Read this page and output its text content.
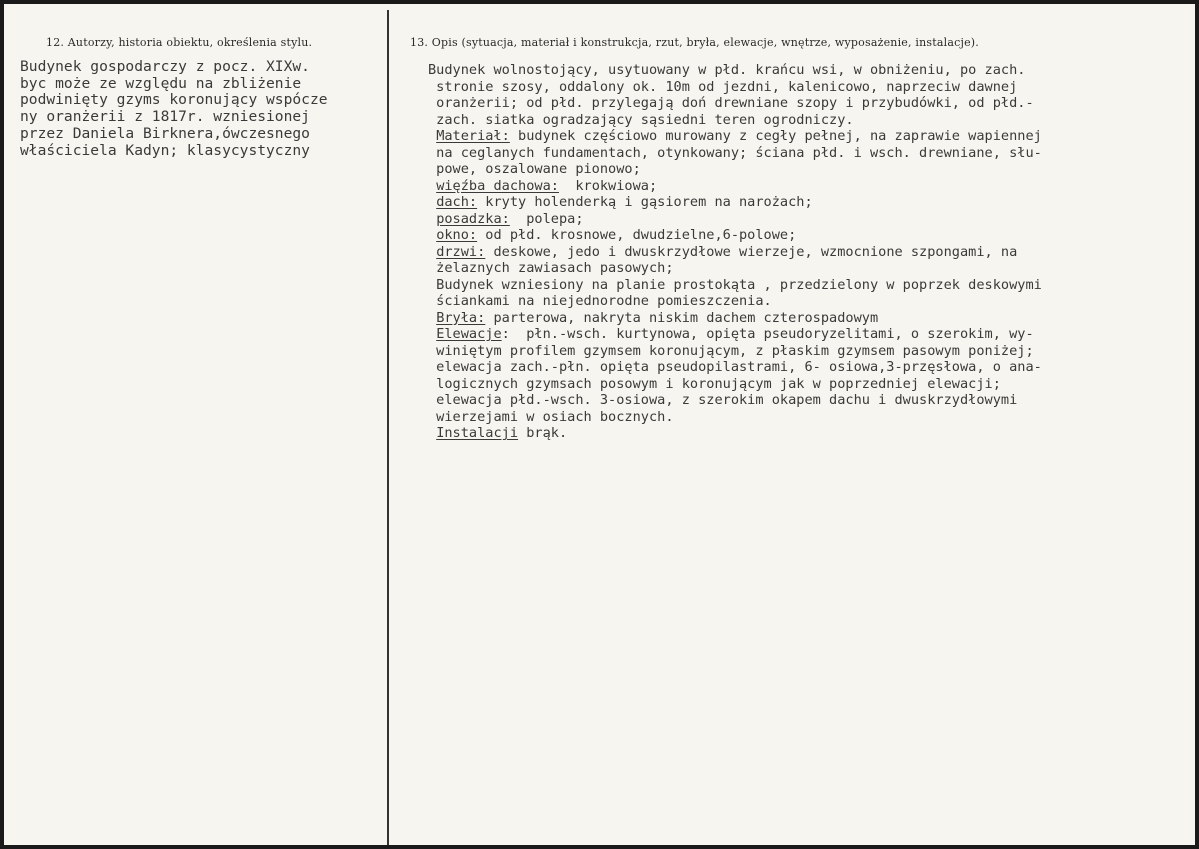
12. Autorzy, historia obiektu, określenia stylu.	13. Opis (sytuacja, materiał i konstrukcja, rzut, bryła, elewacje, wnętrze, wyposażenie, instalacje).
Budynek gospodarczy z pocz. XIXw.
byc może ze względu na zbliżenie
podwinięty gzyms koronujący wspócze
ny oranżerii z 1817r. wzniesionej
przez Daniela Birknera,ówczesnego
właściciela Kadyn; klasycystyczny
Budynek wolnostojący, usytuowany w płd. krańcu wsi, w obniżeniu, po zach.
stronie szosy, oddalony ok. 10m od jezdni, kalenicowo, naprzeciw dawnej
oranżerii; od płd. przylegają doń drewniane szopy i przybudówki, od płd.-
zach. siatka ogradzający sąsiedni teren ogrodniczy.
Materiał: budynek częściowo murowany z cegły pełnej, na zaprawie wapiennej
na ceglanych fundamentach, otynkowany; ściana płd. i wsch. drewniane, słu-
powe, oszalowane pionowo;
więźba dachowa:  krokwiowa;
dach: kryty holenderką i gąsiorem na narożach;
posadzka:  polepa;
okno: od płd. krosnowe, dwudzielne,6-polowe;
drzwi: deskowe, jedo i dwuskrzydłowe wierzeje, wzmocnione szpongami, na
żelaznych zawiasach pasowych;
Budynek wzniesiony na planie prostokąta , przedzielony w poprzek deskowymi
ściankami na niejednorodne pomieszczenia.
Bryła: parterowa, nakryta niskim dachem czterospadowym
Elewacje:  płn.-wsch. kurtynowa, opięta pseudoryzelitami, o szerokim, wy-
winiętym profilem gzymsem koronującym, z płaskim gzymsem pasowym poniżej;
elewacja zach.-płn. opięta pseudopilastrami, 6- osiowa,3-przęsłowa, o ana-
logicznych gzymsach posowym i koronującym jak w poprzedniej elewacji;
elewacja płd.-wsch. 3-osiowa, z szerokim okapem dachu i dwuskrzydłowymi
wierzejami w osiach bocznych.
Instalacji brąk.
